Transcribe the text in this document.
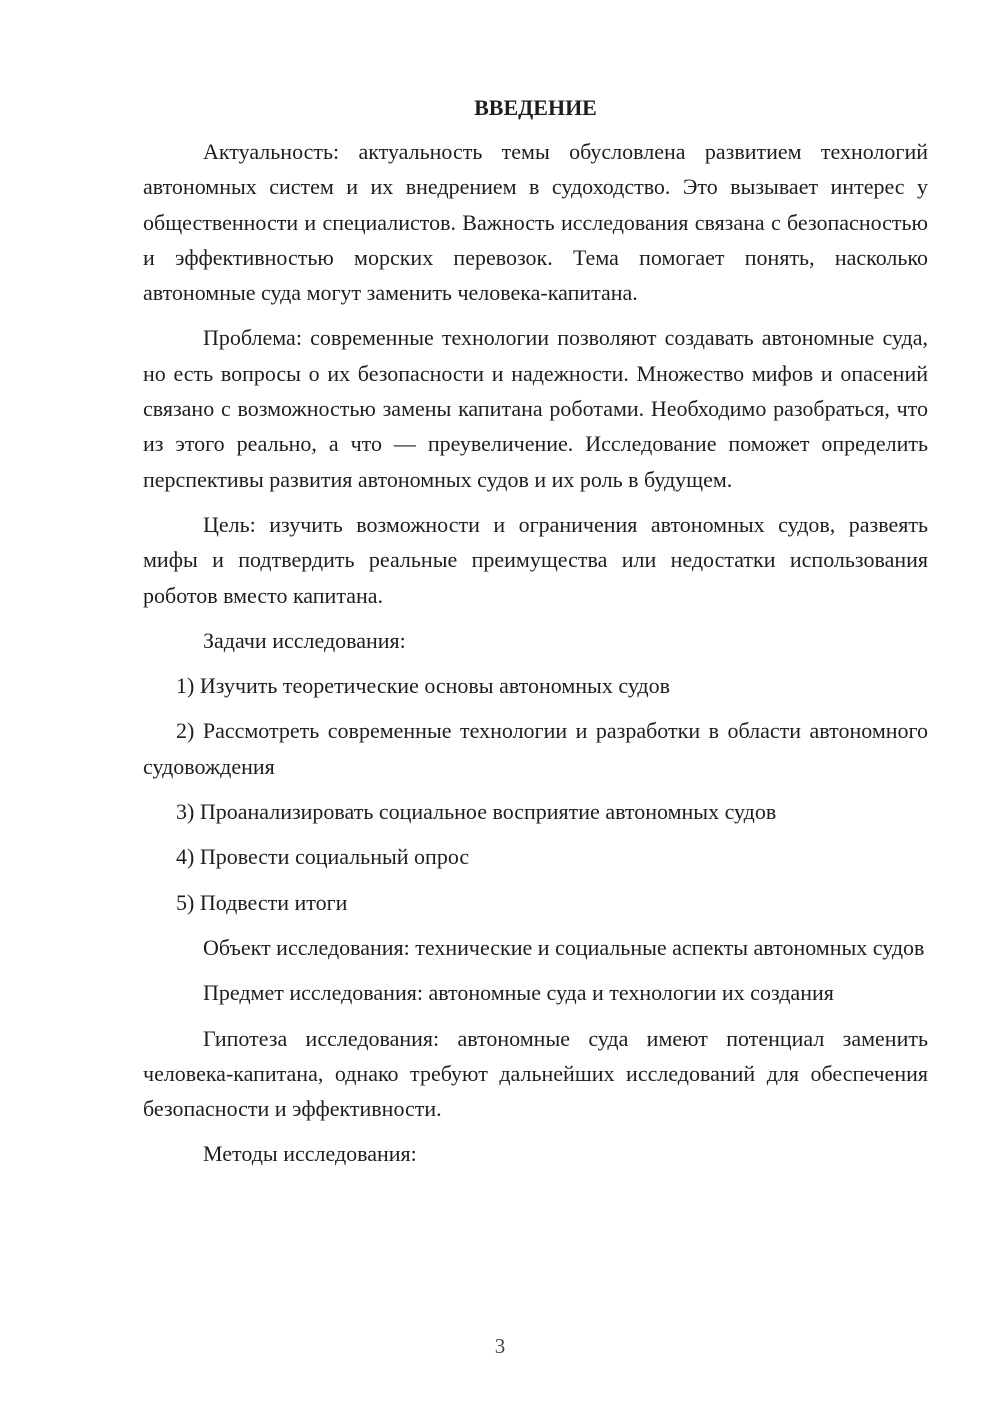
ВВЕДЕНИЕ

Актуальность: актуальность темы обусловлена развитием технологий автономных систем и их внедрением в судоходство. Это вызывает интерес у общественности и специалистов. Важность исследования связана с безопасностью и эффективностью морских перевозок. Тема помогает понять, насколько автономные суда могут заменить человека-капитана.

Проблема: современные технологии позволяют создавать автономные суда, но есть вопросы о их безопасности и надежности. Множество мифов и опасений связано с возможностью замены капитана роботами. Необходимо разобраться, что из этого реально, а что — преувеличение. Исследование поможет определить перспективы развития автономных судов и их роль в будущем.

Цель: изучить возможности и ограничения автономных судов, развеять мифы и подтвердить реальные преимущества или недостатки использования роботов вместо капитана.

Задачи исследования:

1) Изучить теоретические основы автономных судов

2) Рассмотреть современные технологии и разработки в области автономного судовождения

3) Проанализировать социальное восприятие автономных судов

4) Провести социальный опрос

5) Подвести итоги

Объект исследования: технические и социальные аспекты автономных судов

Предмет исследования: автономные суда и технологии их создания

Гипотеза исследования: автономные суда имеют потенциал заменить человека-капитана, однако требуют дальнейших исследований для обеспечения безопасности и эффективности.

Методы исследования:

3
